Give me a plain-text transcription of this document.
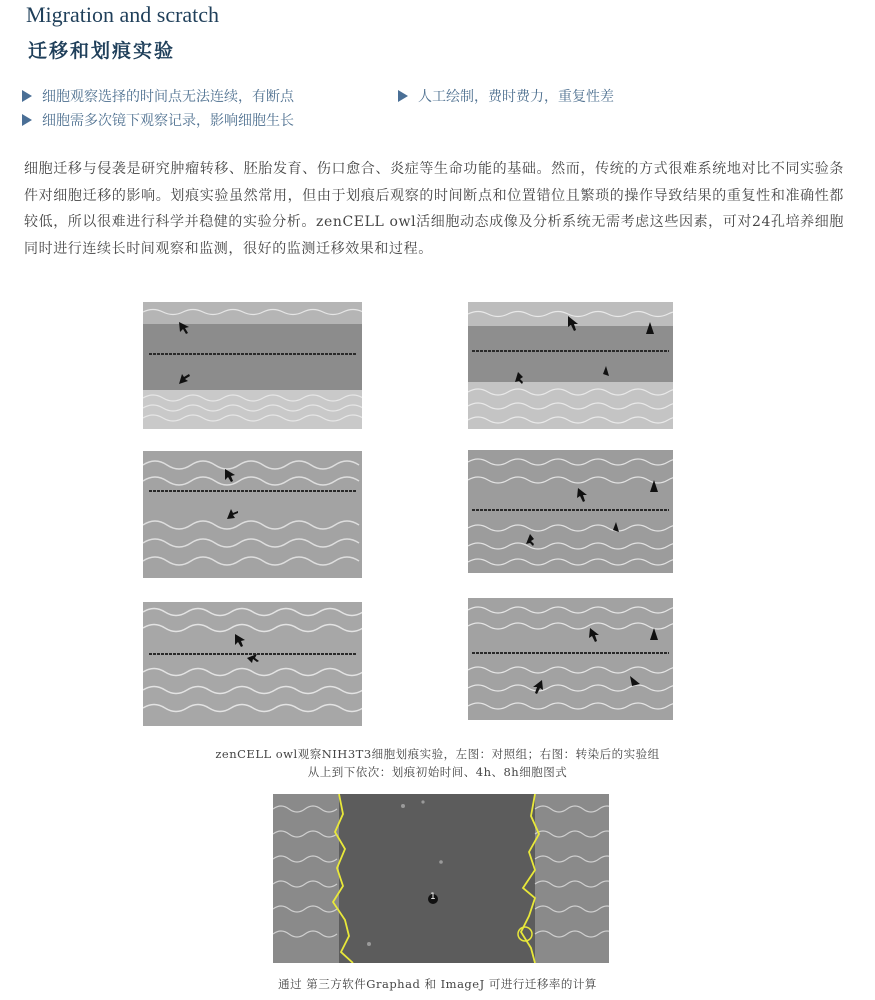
Migration and scratch
迁移和划痕实验
细胞观察选择的时间点无法连续，有断点	人工绘制，费时费力，重复性差
细胞需多次镜下观察记录，影响细胞生长
细胞迁移与侵袭是研究肿瘤转移、胚胎发育、伤口愈合、炎症等生命功能的基础。然而，传统的方式很难系统地对比不同实验条件对细胞迁移的影响。划痕实验虽然常用，但由于划痕后观察的时间断点和位置错位且繁琐的操作导致结果的重复性和准确性都较低，所以很难进行科学并稳健的实验分析。zenCELL owl活细胞动态成像及分析系统无需考虑这些因素，可对24孔培养细胞同时进行连续长时间观察和监测，很好的监测迁移效果和过程。
zenCELL owl观察NIH3T3细胞划痕实验，左图：对照组；右图：转染后的实验组
从上到下依次：划痕初始时间、4h、8h细胞图式
1
通过 第三方软件Graphad 和 ImageJ 可进行迁移率的计算
